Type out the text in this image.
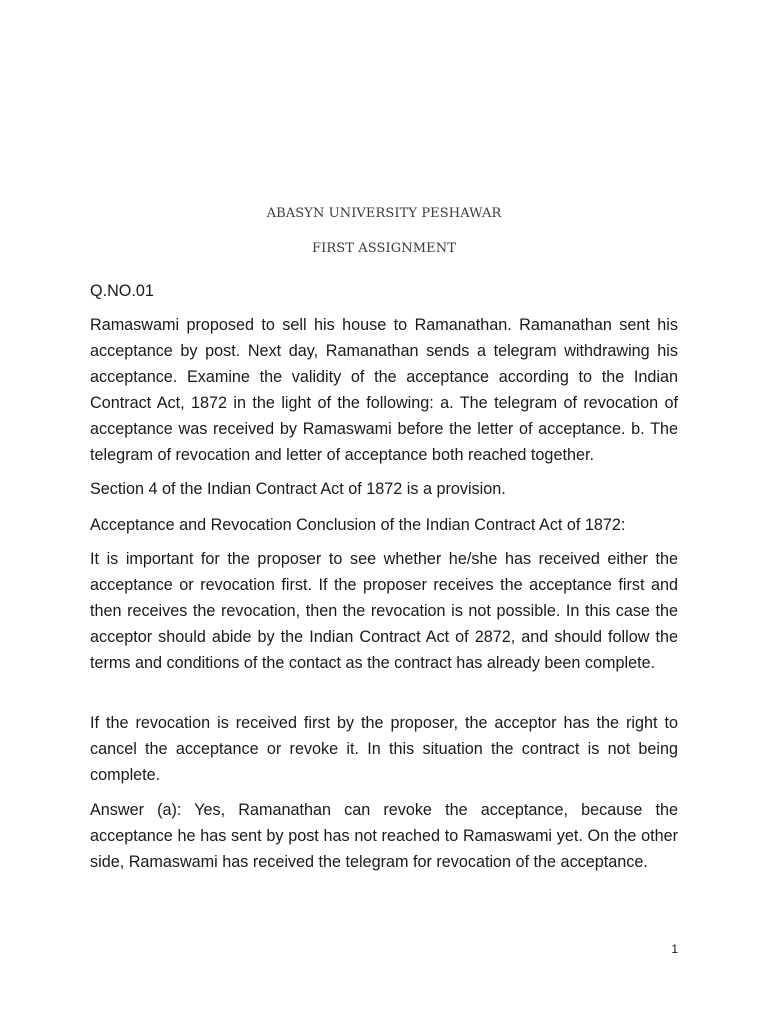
ABASYN UNIVERSITY PESHAWAR
FIRST ASSIGNMENT

Q.NO.01

Ramaswami proposed to sell his house to Ramanathan. Ramanathan sent his acceptance by post. Next day, Ramanathan sends a telegram withdrawing his acceptance. Examine the validity of the acceptance according to the Indian Contract Act, 1872 in the light of the following: a. The telegram of revocation of acceptance was received by Ramaswami before the letter of acceptance. b. The telegram of revocation and letter of acceptance both reached together.

Section 4 of the Indian Contract Act of 1872 is a provision.

Acceptance and Revocation Conclusion of the Indian Contract Act of 1872:

It is important for the proposer to see whether he/she has received either the acceptance or revocation first. If the proposer receives the acceptance first and then receives the revocation, then the revocation is not possible. In this case the acceptor should abide by the Indian Contract Act of 2872, and should follow the terms and conditions of the contact as the contract has already been complete.

If the revocation is received first by the proposer, the acceptor has the right to cancel the acceptance or revoke it. In this situation the contract is not being complete.

Answer (a): Yes, Ramanathan can revoke the acceptance, because the acceptance he has sent by post has not reached to Ramaswami yet. On the other side, Ramaswami has received the telegram for revocation of the acceptance.

1
